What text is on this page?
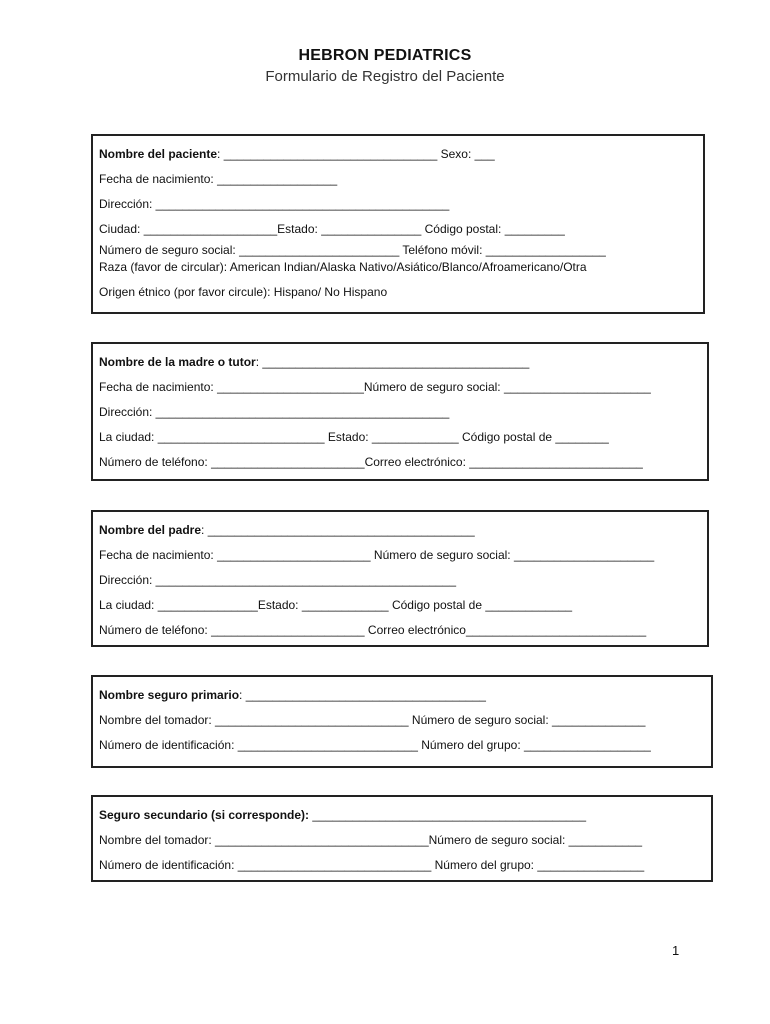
HEBRON PEDIATRICS
Formulario de Registro del Paciente
Nombre del paciente: ________________________________ Sexo: ___
Fecha de nacimiento: __________________
Dirección: ____________________________________________
Ciudad: ____________________Estado: _______________ Código postal: _________
Número de seguro social: ________________________ Teléfono móvil: __________________
Raza (favor de circular): American Indian/Alaska Nativo/Asiático/Blanco/Afroamericano/Otra
Origen étnico (por favor circule): Hispano/ No Hispano
Nombre de la madre o tutor: ________________________________________
Fecha de nacimiento: ______________________Número de seguro social: ______________________
Dirección: ____________________________________________
La ciudad: _________________________ Estado: _____________ Código postal de ________
Número de teléfono: _______________________Correo electrónico: __________________________
Nombre del padre: ________________________________________
Fecha de nacimiento: _______________________ Número de seguro social: _____________________
Dirección: _____________________________________________
La ciudad: _______________Estado: _____________ Código postal de _____________
Número de teléfono: _______________________ Correo electrónico___________________________
Nombre seguro primario: ____________________________________
Nombre del tomador: _____________________________ Número de seguro social: ______________
Número de identificación: ___________________________ Número del grupo: ___________________
Seguro secundario (si corresponde): _________________________________________
Nombre del tomador: ________________________________Número de seguro social: ___________
Número de identificación: _____________________________ Número del grupo: ________________
1
